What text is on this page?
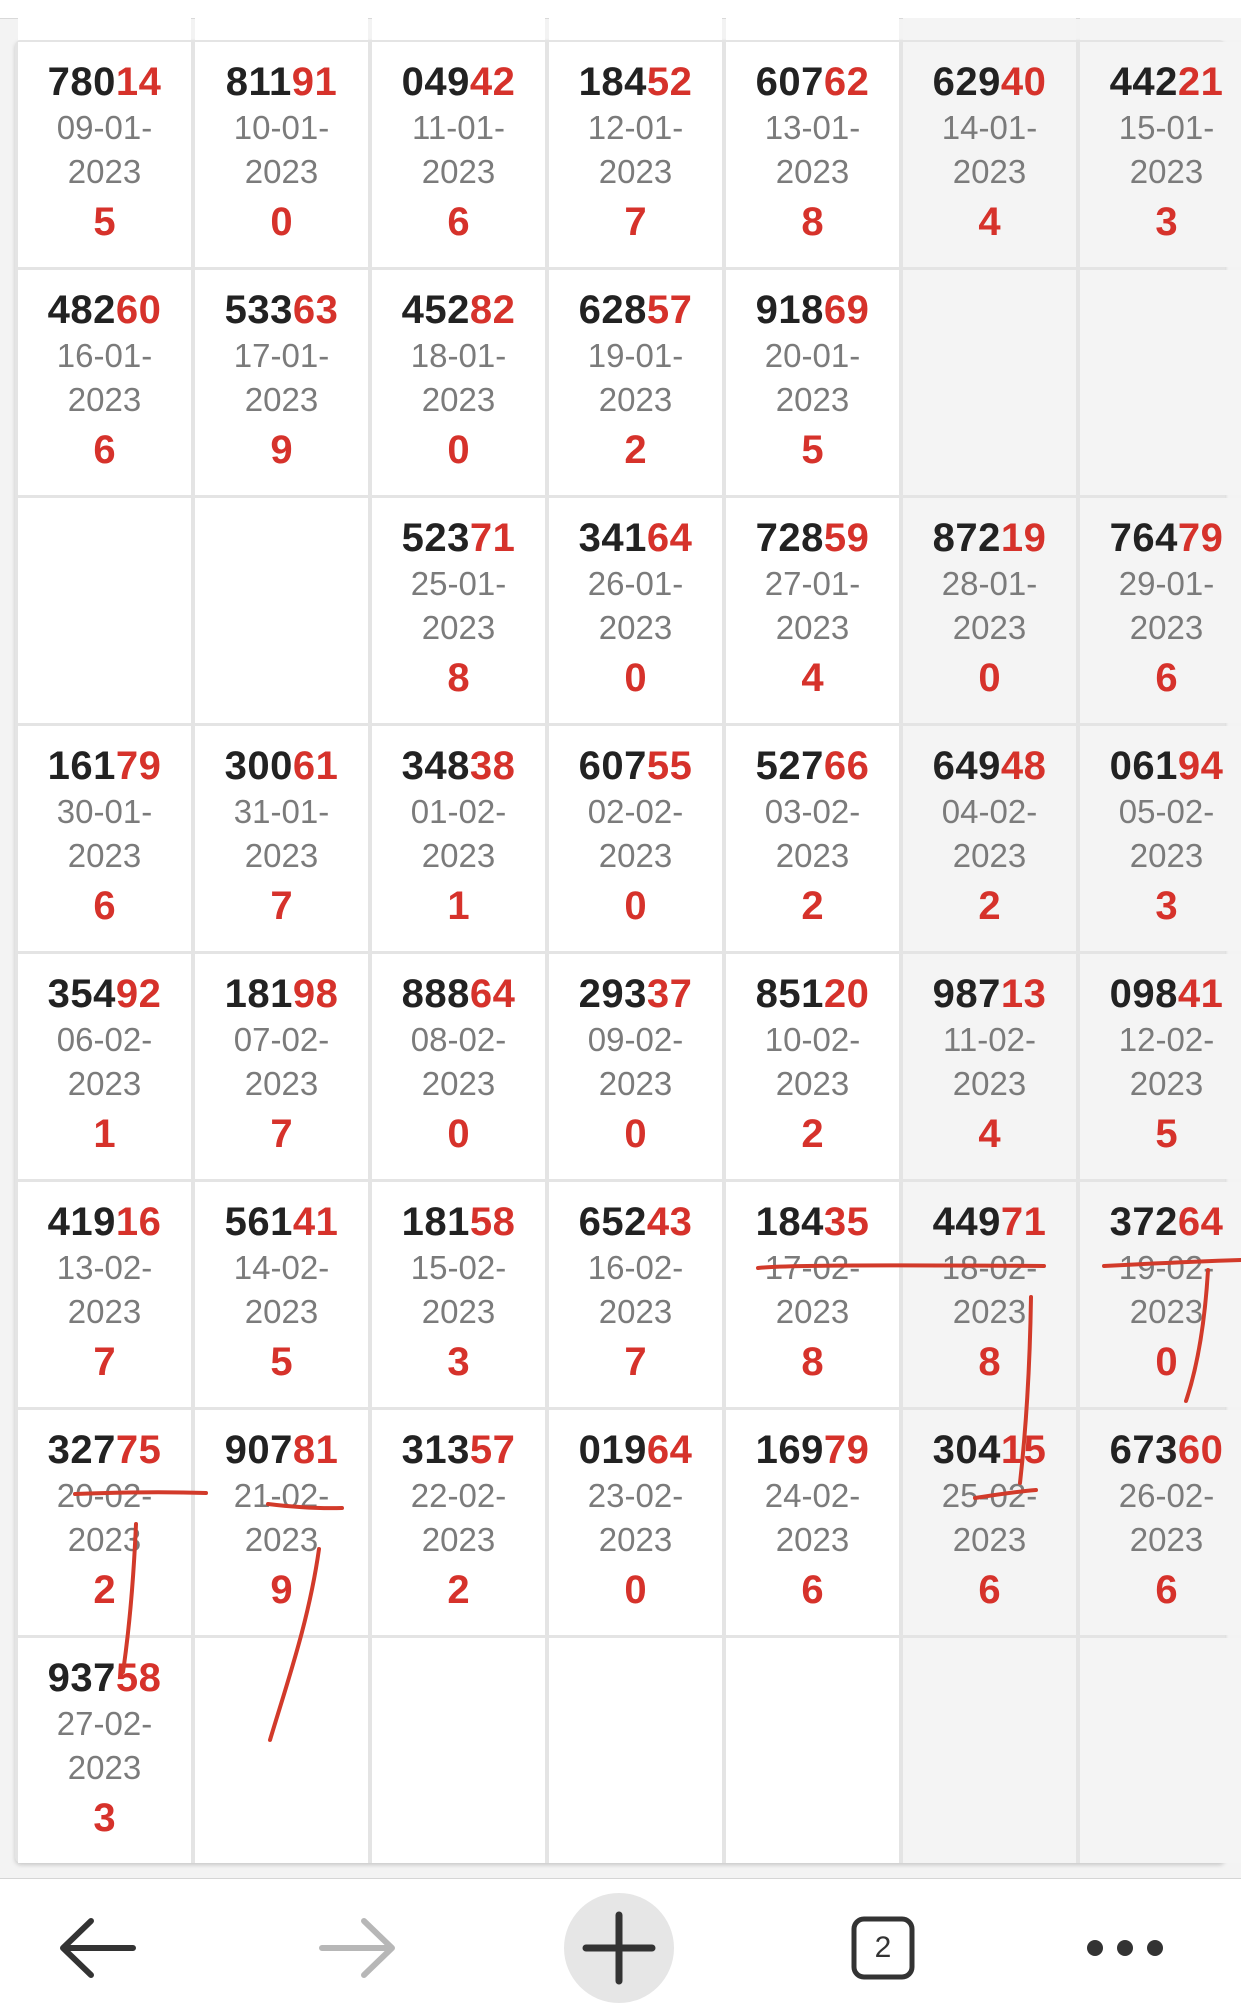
78014
09-01-
2023
5
81191
10-01-
2023
0
04942
11-01-
2023
6
18452
12-01-
2023
7
60762
13-01-
2023
8
62940
14-01-
2023
4
44221
15-01-
2023
3
48260
16-01-
2023
6
53363
17-01-
2023
9
45282
18-01-
2023
0
62857
19-01-
2023
2
91869
20-01-
2023
5
52371
25-01-
2023
8
34164
26-01-
2023
0
72859
27-01-
2023
4
87219
28-01-
2023
0
76479
29-01-
2023
6
16179
30-01-
2023
6
30061
31-01-
2023
7
34838
01-02-
2023
1
60755
02-02-
2023
0
52766
03-02-
2023
2
64948
04-02-
2023
2
06194
05-02-
2023
3
35492
06-02-
2023
1
18198
07-02-
2023
7
88864
08-02-
2023
0
29337
09-02-
2023
0
85120
10-02-
2023
2
98713
11-02-
2023
4
09841
12-02-
2023
5
41916
13-02-
2023
7
56141
14-02-
2023
5
18158
15-02-
2023
3
65243
16-02-
2023
7
18435
17-02-
2023
8
44971
18-02-
2023
8
37264
19-02-
2023
0
32775
20-02-
2023
2
90781
21-02-
2023
9
31357
22-02-
2023
2
01964
23-02-
2023
0
16979
24-02-
2023
6
30415
25-02-
2023
6
67360
26-02-
2023
6
93758
27-02-
2023
3
2
